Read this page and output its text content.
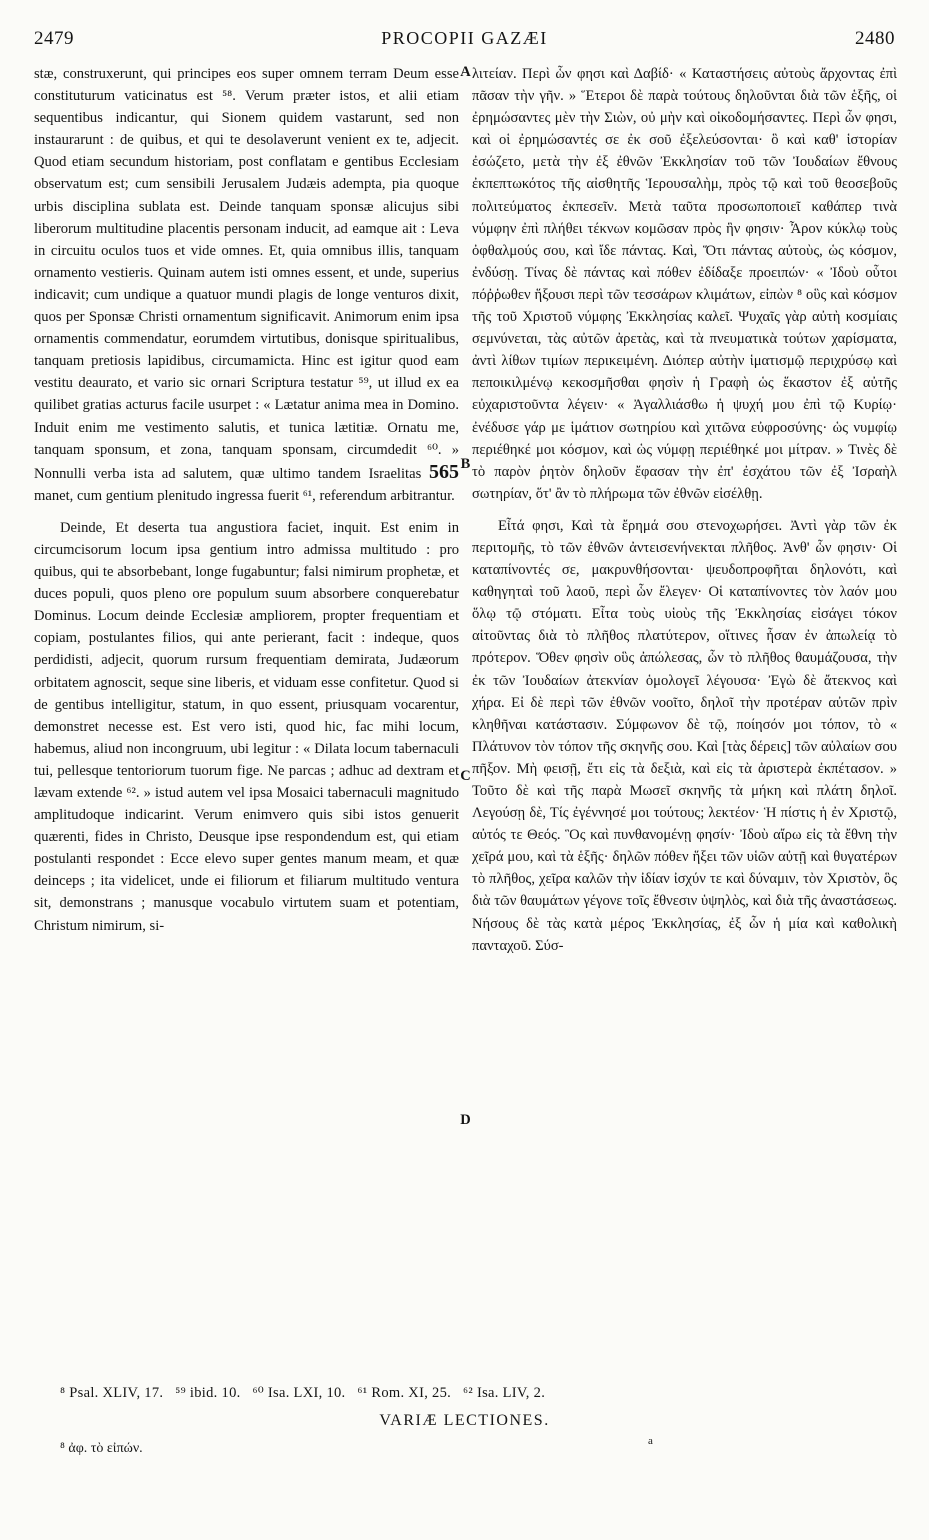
2479	PROCOPII GAZÆI	2480

stæ, construxerunt, qui principes eos super omnem terram Deum esse constituturum vaticinatus est ⁵⁸. Verum præter istos, et alii etiam sequentibus indicantur, qui Sionem quidem vastarunt, sed non instaurarunt : de quibus, et qui te desolaverunt venient ex te, adjecit. Quod etiam secundum historiam, post conflatam e gentibus Ecclesiam observatum est; cum sensibili Jerusalem Judæis adempta, pia quoque urbis disciplina sublata est. Deinde tanquam sponsæ alicujus sibi liberorum multitudine placentis personam inducit, ad eamque ait : Leva in circuitu oculos tuos et vide omnes. Et, quia omnibus illis, tanquam ornamento vestieris. Quinam autem isti omnes essent, et unde, superius indicavit; cum undique a quatuor mundi plagis de longe venturos dixit, quos per Sponsæ Christi ornamentum significavit. Animorum enim ipsa ornamentis commendatur, eorumdem virtutibus, donisque spiritualibus, tanquam pretiosis lapidibus, circumamicta. Hinc est igitur quod eam vestitu deaurato, et vario sic ornari Scriptura testatur ⁵⁹, ut illud ex ea quilibet gratias acturus facile usurpet : « Lætatur anima mea in Domino. Induit enim me vestimento salutis, et tunica lætitiæ. Ornatu me, tanquam sponsum, et zona, tanquam sponsam, circumdedit ⁶⁰. » Nonnulli verba ista ad salutem, quæ ultimo tandem Israelitas 565 manet, cum gentium plenitudo ingressa fuerit ⁶¹, referendum arbitrantur.

Deinde, Et deserta tua angustiora faciet, inquit. Est enim in circumcisorum locum ipsa gentium intro admissa multitudo : pro quibus, qui te absorbebant, longe fugabuntur; falsi nimirum prophetæ, et duces populi, quos pleno ore populum suum absorbere conquerebatur Dominus. Locum deinde Ecclesiæ ampliorem, propter frequentiam et copiam, postulantes filios, qui ante perierant, facit : indeque, quos perdidisti, adjecit, quorum rursum frequentiam demirata, Judæorum orbitatem agnoscit, seque sine liberis, et viduam esse confitetur. Quod si de gentibus intelligitur, statum, in quo essent, priusquam vocarentur, demonstret necesse est. Est vero isti, quod hic, fac mihi locum, habemus, aliud non incongruum, ubi legitur : « Dilata locum tabernaculi tui, pellesque tentoriorum tuorum fige. Ne parcas ; adhuc ad dextram et lævam extende ⁶². » istud autem vel ipsa Mosaici tabernaculi magnitudo amplitudoque indicarint. Verum enimvero quis sibi istos genuerit quærenti, fides in Christo, Deusque ipse respondendum est, qui etiam postulanti respondet : Ecce elevo super gentes manum meam, et quæ deinceps ; ita videlicet, unde ei filiorum et filiarum multitudo ventura sit, demonstrans ; manusque vocabulo virtutem suam et potentiam, Christum nimirum, si-

A
B
C
D

λιτείαν. Περὶ ὧν φησι καὶ Δαβίδ· « Καταστήσεις αὐτοὺς ἄρχοντας ἐπὶ πᾶσαν τὴν γῆν. » Ἕτεροι δὲ παρὰ τούτους δηλοῦνται διὰ τῶν ἑξῆς, οἱ ἐρημώσαντες μὲν τὴν Σιὼν, οὐ μὴν καὶ οἰκοδομήσαντες. Περὶ ὧν φησι, καὶ οἱ ἐρημώσαντές σε ἐκ σοῦ ἐξελεύσονται· ὃ καὶ καθ' ἱστορίαν ἐσώζετο, μετὰ τὴν ἐξ ἐθνῶν Ἐκκλησίαν τοῦ τῶν Ἰουδαίων ἔθνους ἐκπεπτωκότος τῆς αἰσθητῆς Ἱερουσαλὴμ, πρὸς τῷ καὶ τοῦ θεοσεβοῦς πολιτεύματος ἐκπεσεῖν. Μετὰ ταῦτα προσωποποιεῖ καθάπερ τινὰ νύμφην ἐπὶ πλήθει τέκνων κομῶσαν πρὸς ἣν φησιν· Ἆρον κύκλῳ τοὺς ὀφθαλμούς σου, καὶ ἴδε πάντας. Καὶ, Ὅτι πάντας αὐτοὺς, ὡς κόσμον, ἐνδύσῃ. Τίνας δὲ πάντας καὶ πόθεν ἐδίδαξε προειπών· « Ἰδοὺ οὗτοι πόῤῥωθεν ἥξουσι περὶ τῶν τεσσάρων κλιμάτων, εἰπὼν ⁸ οὓς καὶ κόσμον τῆς τοῦ Χριστοῦ νύμφης Ἐκκλησίας καλεῖ. Ψυχαῖς γὰρ αὐτὴ κοσμίαις σεμνύνεται, τὰς αὐτῶν ἀρετὰς, καὶ τὰ πνευματικὰ τούτων χαρίσματα, ἀντὶ λίθων τιμίων περικειμένη. Διόπερ αὐτὴν ἱματισμῷ περιχρύσῳ καὶ πεποικιλμένῳ κεκοσμῆσθαι φησὶν ἡ Γραφὴ ὡς ἕκαστον ἐξ αὐτῆς εὐχαριστοῦντα λέγειν· « Ἀγαλλιάσθω ἡ ψυχή μου ἐπὶ τῷ Κυρίῳ· ἐνέδυσε γάρ με ἱμάτιον σωτηρίου καὶ χιτῶνα εὐφροσύνης· ὡς νυμφίῳ περιέθηκέ μοι κόσμον, καὶ ὡς νύμφῃ περιέθηκέ μοι μίτραν. » Τινὲς δὲ τὸ παρὸν ῥητὸν δηλοῦν ἔφασαν τὴν ἐπ' ἐσχάτου τῶν ἐξ Ἰσραὴλ σωτηρίαν, ὅτ' ἂν τὸ πλήρωμα τῶν ἐθνῶν εἰσέλθῃ.

Εἶτά φησι, Καὶ τὰ ἔρημά σου στενοχωρήσει. Ἀντὶ γὰρ τῶν ἐκ περιτομῆς, τὸ τῶν ἐθνῶν ἀντεισενήνεκται πλῆθος. Ἀνθ' ὧν φησιν· Οἱ καταπίνοντές σε, μακρυνθήσονται· ψευδοπροφῆται δηλονότι, καὶ καθηγηταὶ τοῦ λαοῦ, περὶ ὧν ἔλεγεν· Οἱ καταπίνοντες τὸν λαόν μου ὅλῳ τῷ στόματι. Εἶτα τοὺς υἱοὺς τῆς Ἐκκλησίας εἰσάγει τόκον αἰτοῦντας διὰ τὸ πλῆθος πλατύτερον, οἵτινες ἦσαν ἐν ἀπωλείᾳ τὸ πρότερον. Ὅθεν φησὶν οὓς ἀπώλεσας, ὧν τὸ πλῆθος θαυμάζουσα, τὴν ἐκ τῶν Ἰουδαίων ἀτεκνίαν ὁμολογεῖ λέγουσα· Ἐγὼ δὲ ἄτεκνος καὶ χήρα. Εἰ δὲ περὶ τῶν ἐθνῶν νοοῖτο, δηλοῖ τὴν προτέραν αὐτῶν πρὶν κληθῆναι κατάστασιν. Σύμφωνον δὲ τῷ, ποίησόν μοι τόπον, τὸ « Πλάτυνον τὸν τόπον τῆς σκηνῆς σου. Καὶ [τὰς δέρεις] τῶν αὐλαίων σου πῆξον. Μὴ φεισῇ, ἔτι εἰς τὰ δεξιὰ, καὶ εἰς τὰ ἀριστερὰ ἐκπέτασον. » Τοῦτο δὲ καὶ τῆς παρὰ Μωσεῖ σκηνῆς τὰ μήκη καὶ πλάτη δηλοῖ. Λεγούσῃ δὲ, Τίς ἐγέννησέ μοι τούτους; λεκτέον· Ἡ πίστις ἡ ἐν Χριστῷ, αὐτός τε Θεός. Ὃς καὶ πυνθανομένῃ φησίν· Ἰδοὺ αἴρω εἰς τὰ ἔθνη τὴν χεῖρά μου, καὶ τὰ ἑξῆς· δηλῶν πόθεν ἥξει τῶν υἱῶν αὐτῇ καὶ θυγατέρων τὸ πλῆθος, χεῖρα καλῶν τὴν ἰδίαν ἰσχύν τε καὶ δύναμιν, τὸν Χριστὸν, ὃς διὰ τῶν θαυμάτων γέγονε τοῖς ἔθνεσιν ὑψηλὸς, καὶ διὰ τῆς ἀναστάσεως. Νήσους δὲ τὰς κατὰ μέρος Ἐκκλησίας, ἐξ ὧν ἡ μία καὶ καθολικὴ πανταχοῦ. Σύσ-

⁸ Psal. XLIV, 17. ⁵⁹ ibid. 10. ⁶⁰ Isa. LXI, 10. ⁶¹ Rom. XI, 25. ⁶² Isa. LIV, 2.
VARIÆ LECTIONES.
a
⁸ ἀφ. τὸ εἰπών.
